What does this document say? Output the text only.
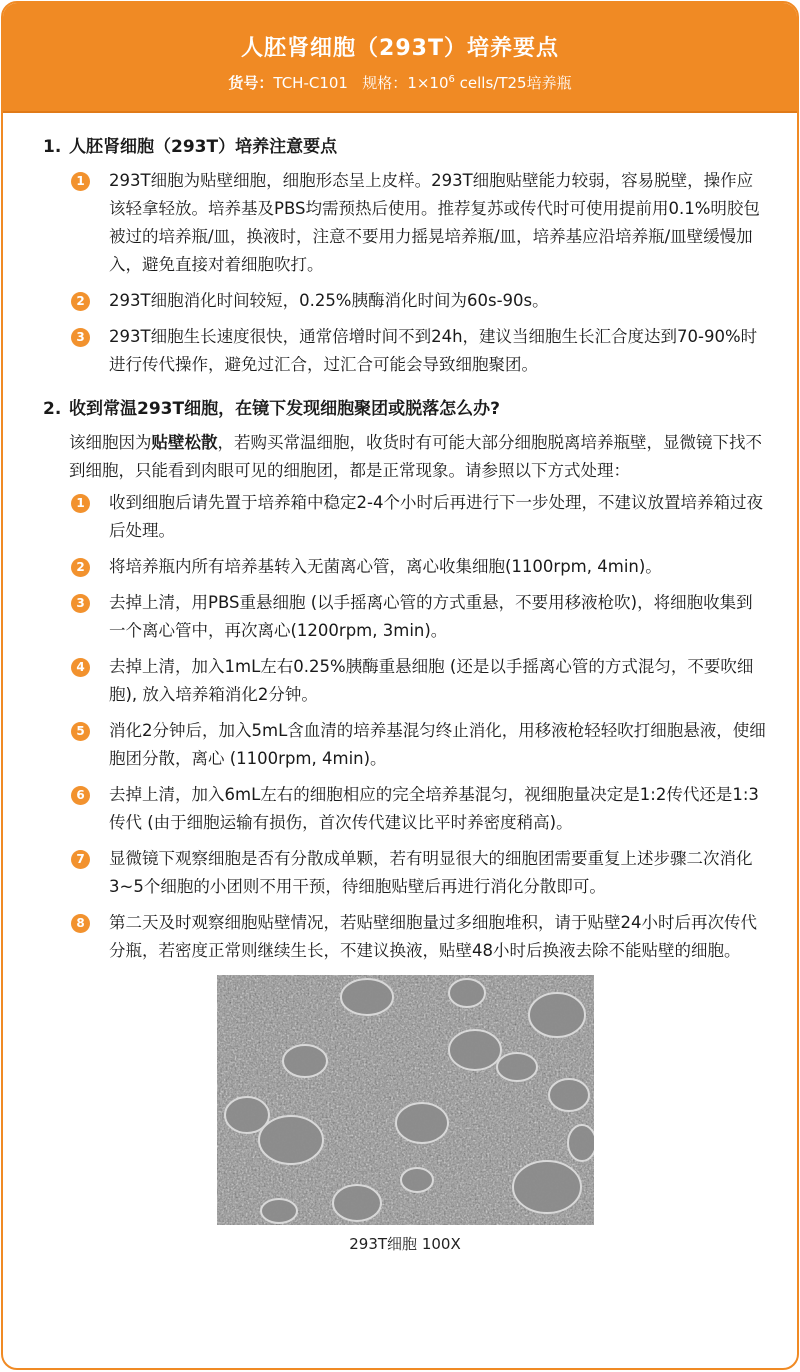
人胚肾细胞（293T）培养要点
货号：TCH-C101 规格：$1\times 10^6$ cells/T25培养瓶
1. 人胚肾细胞（293T）培养注意要点
1	293T细胞为贴壁细胞，细胞形态呈上皮样。293T细胞贴壁能力较弱，容易脱壁，操作应该轻拿轻放。培养基及PBS均需预热后使用。推荐复苏或传代时可使用提前用0.1%明胶包被过的培养瓶/皿，换液时，注意不要用力摇晃培养瓶/皿，培养基应沿培养瓶/皿壁缓慢加入，避免直接对着细胞吹打。
2	293T细胞消化时间较短，0.25%胰酶消化时间为60s-90s。
3	293T细胞生长速度很快，通常倍增时间不到24h，建议当细胞生长汇合度达到70-90%时进行传代操作，避免过汇合，过汇合可能会导致细胞聚团。
2. 收到常温293T细胞，在镜下发现细胞聚团或脱落怎么办?
该细胞因为贴壁松散，若购买常温细胞，收货时有可能大部分细胞脱离培养瓶壁，显微镜下找不到细胞，只能看到肉眼可见的细胞团，都是正常现象。请参照以下方式处理：
1	收到细胞后请先置于培养箱中稳定2-4个小时后再进行下一步处理，不建议放置培养箱过夜后处理。
2	将培养瓶内所有培养基转入无菌离心管，离心收集细胞(1100rpm, 4min)。
3	去掉上清，用PBS重悬细胞 (以手摇离心管的方式重悬，不要用移液枪吹)，将细胞收集到一个离心管中，再次离心(1200rpm, 3min)。
4	去掉上清，加入1mL左右0.25%胰酶重悬细胞 (还是以手摇离心管的方式混匀，不要吹细胞), 放入培养箱消化2分钟。
5	消化2分钟后，加入5mL含血清的培养基混匀终止消化，用移液枪轻轻吹打细胞悬液，使细胞团分散，离心 (1100rpm, 4min)。
6	去掉上清，加入6mL左右的细胞相应的完全培养基混匀，视细胞量决定是1:2传代还是1:3传代 (由于细胞运输有损伤，首次传代建议比平时养密度稍高)。
7	显微镜下观察细胞是否有分散成单颗，若有明显很大的细胞团需要重复上述步骤二次消化3~5个细胞的小团则不用干预，待细胞贴壁后再进行消化分散即可。
8	第二天及时观察细胞贴壁情况，若贴壁细胞量过多细胞堆积，请于贴壁24小时后再次传代分瓶，若密度正常则继续生长，不建议换液，贴壁48小时后换液去除不能贴壁的细胞。
293T细胞 100X
